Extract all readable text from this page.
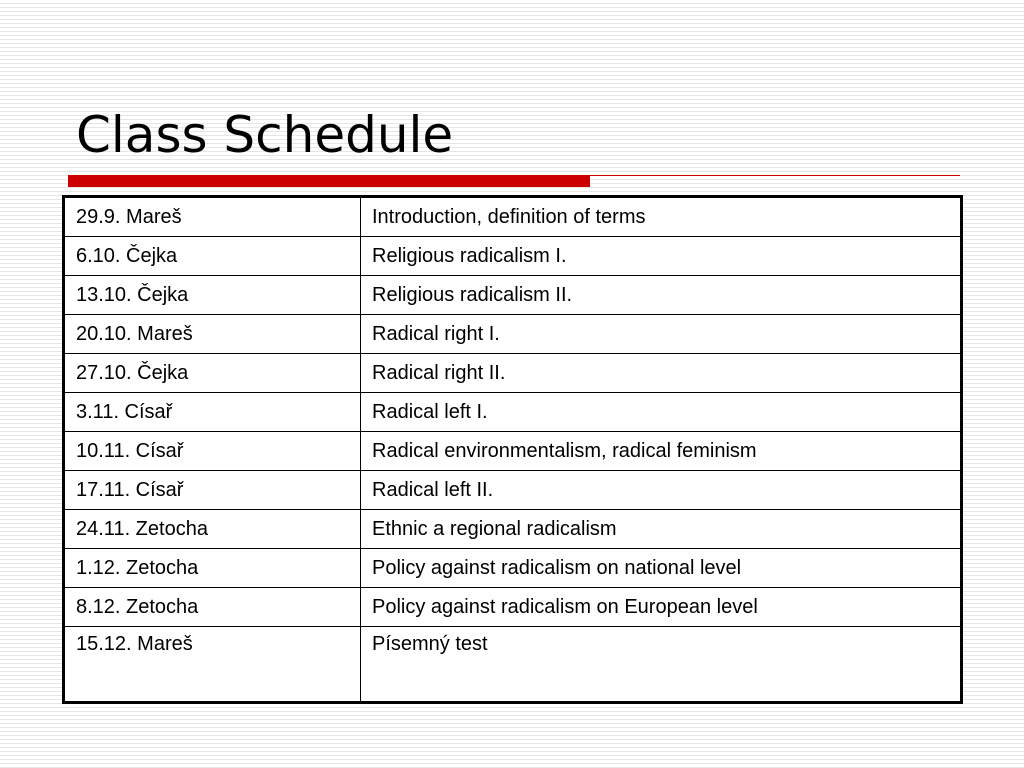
Class Schedule
29.9. Mareš	Introduction, definition of terms
6.10. Čejka	Religious radicalism I.
13.10. Čejka	Religious radicalism II.
20.10. Mareš	Radical right I.
27.10. Čejka	Radical right II.
3.11. Císař	Radical left I.
10.11. Císař	Radical environmentalism, radical feminism
17.11. Císař	Radical left II.
24.11. Zetocha	Ethnic a regional radicalism
1.12. Zetocha	Policy against radicalism on national level
8.12. Zetocha	Policy against radicalism on European level
15.12. Mareš	Písemný test
